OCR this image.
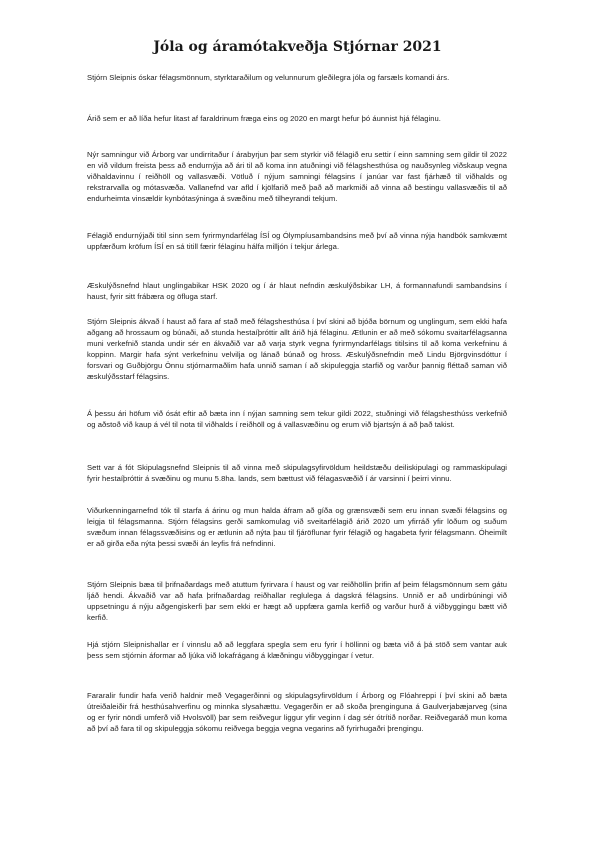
Jóla og áramótakveðja Stjórnar 2021

Stjórn Sleipnis óskar félagsmönnum, styrktaraðilum og velunnurum gleðilegra jóla og farsæls komandi árs.

Árið sem er að líða hefur litast af faraldrinum fræga eins og 2020 en margt hefur þó áunnist hjá félaginu.

Nýr samningur við Árborg var undirritaður í árabyrjun þar sem styrkir við félagið eru settir í einn samning sem gildir til 2022 en við vildum freista þess að endurnýja að ári til að koma inn atuðningi við félagshesthúsa og nauðsynleg viðskaup vegna viðhaldavinnu í reiðhöll og vallasvæði. Vötluð í nýjum samningi félagsins í janúar var fast fjárhæð til viðhalds og rekstrarvalla og mótasvæða. Vallanefnd var afld í kjölfarið með það að markmiði að vinna að bestingu vallasvæðis til að endurheimta vinsældir kynbótasýninga á svæðinu með tilheyrandi tekjum.

Félagið endurnýjaði titil sinn sem fyrirmyndarfélag ÍSÍ og Ólympíusambandsins með því að vinna nýja handbók samkvæmt uppfærðum kröfum ÍSÍ en sá titill færir félaginu hálfa milljón í tekjur árlega.

Æskulýðsnefnd hlaut unglingabikar HSK 2020 og í ár hlaut nefndin æskulýðsbikar LH, á formannafundi sambandsins í haust, fyrir sitt frábæra og öfluga starf.

Stjórn Sleipnis ákvað í haust að fara af stað með félagshesthúsa í því skini að bjóða börnum og unglingum, sem ekki hafa aðgang að hrossaum og búnaði, að stunda hestaíþróttir allt árið hjá félaginu. Ætlunin er að með sókomu svaitarfélagsanna muni verkefnið standa undir sér en ákvaðið var að varja styrk vegna fyrirmyndarfélags titilsins til að koma verkefninu á koppinn. Margir hafa sýnt verkefninu velvilja og lánað búnað og hross. Æskulýðsnefndin með Lindu Björgvinsdóttur í forsvari og Guðbjörgu Önnu stjórnarmaðlim hafa unnið saman í að skipuleggja starfið og varður þannig fléttað saman við æskulýðsstarf félagsins.

Á þessu ári höfum við ósát eftir að bæta inn í nýjan samning sem tekur gildi 2022, stuðningi við félagshesthúss verkefnið og aðstoð við kaup á vél til nota til viðhalds í reiðhöll og á vallasvæðinu og erum við bjartsýn á að það takist.

Sett var á fót Skipulagsnefnd Sleipnis til að vinna með skipulagsyfirvöldum heildstæðu deiliskipulagi og rammaskipulagi fyrir hestaíþróttir á svæðinu og munu 5.8ha. lands, sem bættust við félagasvæðið í ár varsinni í þeirri vinnu.

Viðurkenningarnefnd tók til starfa á árinu og mun halda áfram að gíða og grænsvæði sem eru innan svæði félagsins og leigja til félagsmanna. Stjórn félagsins gerði samkomulag við sveitarfélagið árið 2020 um yfirráð yfir löðum og suðum svæðum innan félagssvæðisins og er ætlunin að nýta þau til fjáröflunar fyrir félagið og hagabeta fyrir félagsmann. Óheimilt er að girða eða nýta þessi svæði án leyfis frá nefndinni.

Stjórn Sleipnis bæa til þrifnaðardags með atuttum fyrirvara í haust og var reiðhöllin þrifin af þeim félagsmönnum sem gátu ljáð hendi. Ákvaðið var að hafa þrifnaðardag reiðhallar reglulega á dagskrá félagsins. Unnið er að undirbúningi við uppsetningu á nýju aðgengiskerfi þar sem ekki er hægt að uppfæra gamla kerfið og varður hurð á viðbyggingu bætt við kerfið.

Hjá stjórn Sleipnishallar er í vinnslu að að leggfara spegla sem eru fyrir í höllinni og bæta við á þá stöð sem vantar auk þess sem stjórnin áformar að ljúka við lokafrágang á klæðningu viðbyggingar í vetur.

Fararalir fundir hafa verið haldnir með Vegagerðinni og skipulagsyfirvöldum í Árborg og Flóahreppi í því skini að bæta útreiðaleiðir frá hesthúsahverfinu og minnka slysahættu. Vegagerðin er að skoða þrenginguna á Gaulverjabæjarveg (sina og er fyrir nöndi umferð við Hvolsvöll) þar sem reiðvegur liggur yfir veginn í dag sér ótrítið norðar. Reiðvegaráð mun koma að því að fara til og skipuleggja sókomu reiðvega beggja vegna vegarins að fyrirhugaðri þrengingu.
